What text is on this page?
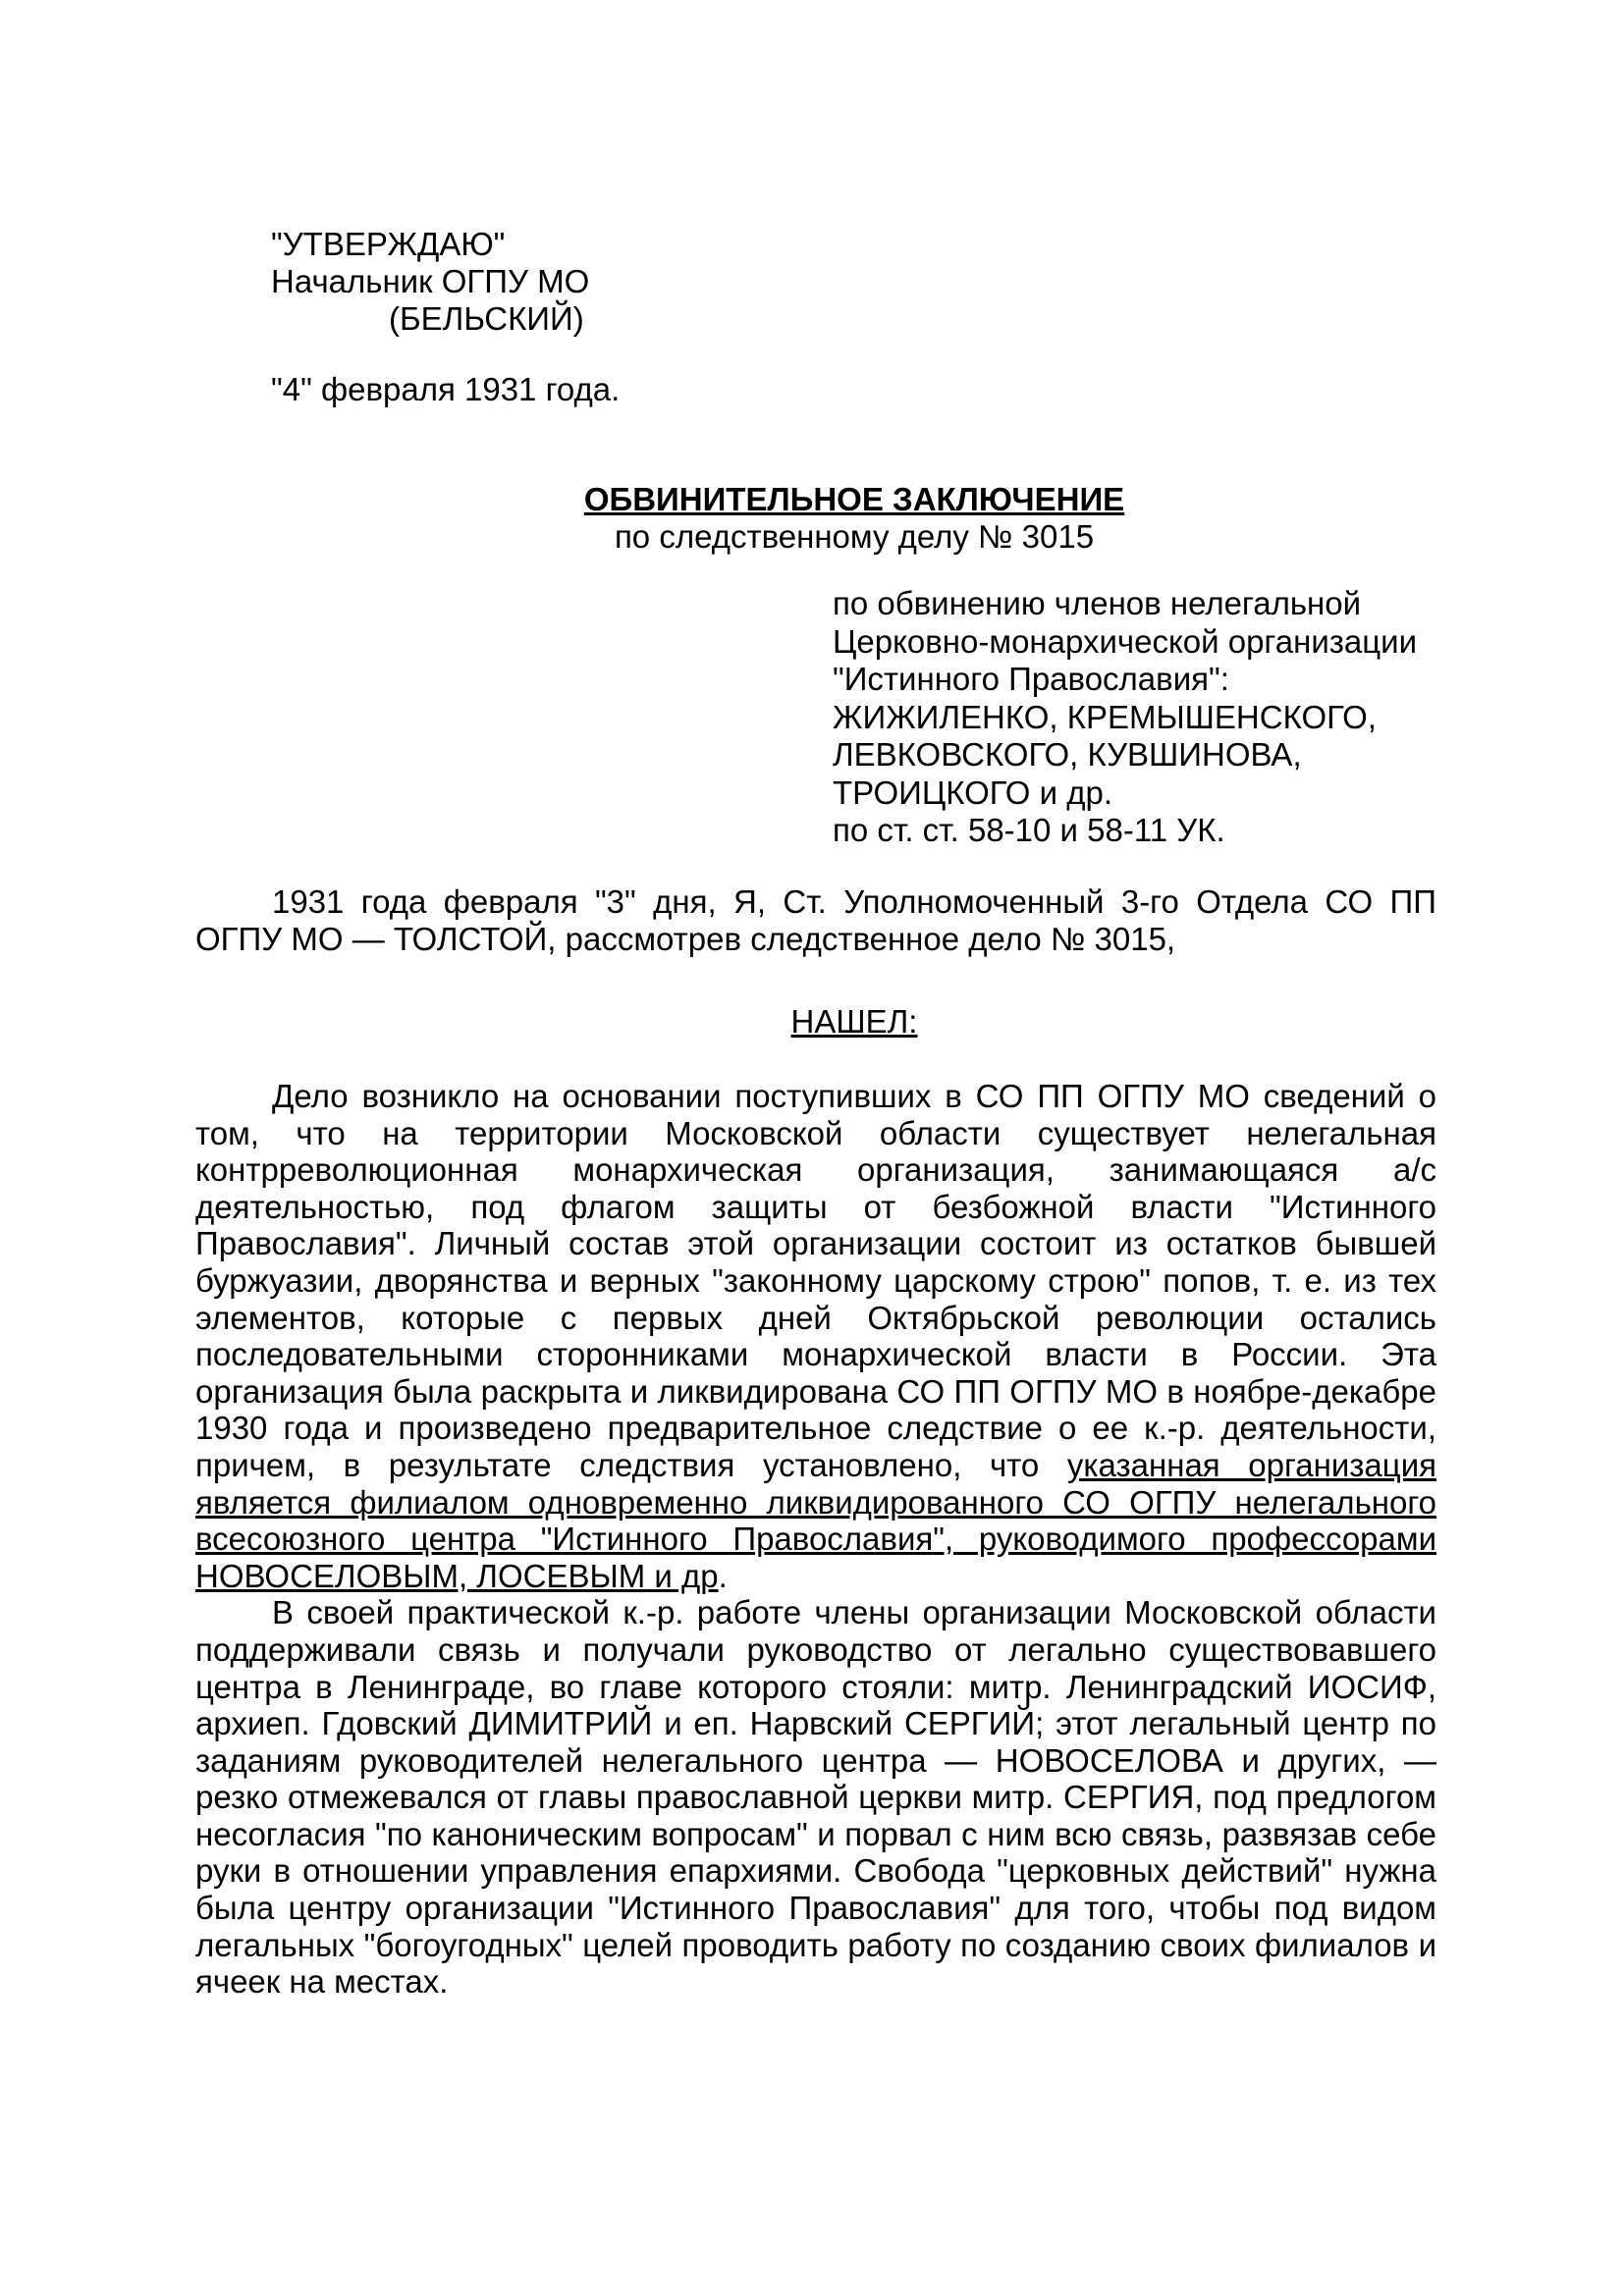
"УТВЕРЖДАЮ"
Начальник ОГПУ МО
(БЕЛЬСКИЙ)
"4" февраля 1931 года.
ОБВИНИТЕЛЬНОЕ ЗАКЛЮЧЕНИЕ
по следственному делу № 3015
по обвинению членов нелегальной
Церковно-монархической организации
"Истинного Православия":
ЖИЖИЛЕНКО, КРЕМЫШЕНСКОГО,
ЛЕВКОВСКОГО, КУВШИНОВА,
ТРОИЦКОГО и др.
по ст. ст. 58-10 и 58-11 УК.

1931 года февраля "3" дня, Я, Ст. Уполномоченный 3-го Отдела СО ПП ОГПУ МО — ТОЛСТОЙ, рассмотрев следственное дело № 3015,

НАШЕЛ:

Дело возникло на основании поступивших в СО ПП ОГПУ МО сведений о том, что на территории Московской области существует нелегальная контрреволюционная монархическая организация, занимающаяся а/с деятельностью, под флагом защиты от безбожной власти "Истинного Православия". Личный состав этой организации состоит из остатков бывшей буржуазии, дворянства и верных "законному царскому строю" попов, т. е. из тех элементов, которые с первых дней Октябрьской революции остались последовательными сторонниками монархической власти в России. Эта организация была раскрыта и ликвидирована СО ПП ОГПУ МО в ноябре-декабре 1930 года и произведено предварительное следствие о ее к.-р. деятельности, причем, в результате следствия установлено, что указанная организация является филиалом одновременно ликвидированного СО ОГПУ нелегального всесоюзного центра "Истинного Православия", руководимого профессорами НОВОСЕЛОВЫМ, ЛОСЕВЫМ и др.

В своей практической к.-р. работе члены организации Московской области поддерживали связь и получали руководство от легально существовавшего центра в Ленинграде, во главе которого стояли: митр. Ленинградский ИОСИФ, архиеп. Гдовский ДИМИТРИЙ и еп. Нарвский СЕРГИЙ; этот легальный центр по заданиям руководителей нелегального центра — НОВОСЕЛОВА и других, — резко отмежевался от главы православной церкви митр. СЕРГИЯ, под предлогом несогласия "по каноническим вопросам" и порвал с ним всю связь, развязав себе руки в отношении управления епархиями. Свобода "церковных действий" нужна была центру организации "Истинного Православия" для того, чтобы под видом легальных "богоугодных" целей проводить работу по созданию своих филиалов и ячеек на местах.
